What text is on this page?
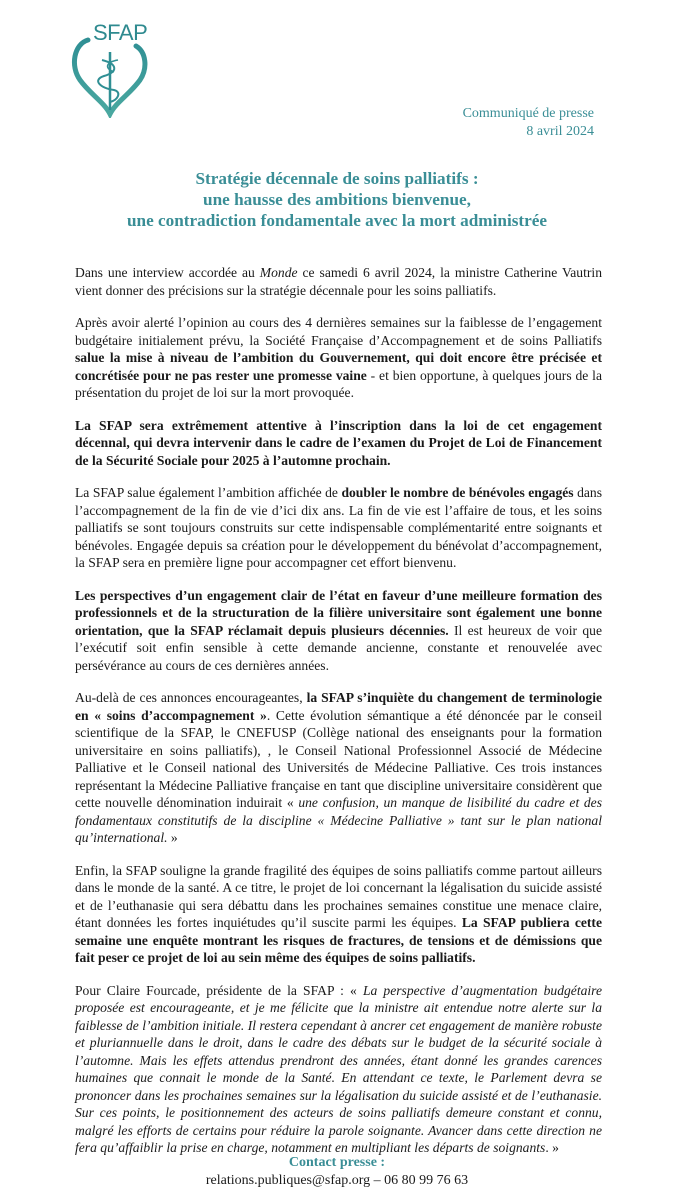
SFAP
Communiqué de presse
8 avril 2024
Stratégie décennale de soins palliatifs :
une hausse des ambitions bienvenue,
une contradiction fondamentale avec la mort administrée

Dans une interview accordée au Monde ce samedi 6 avril 2024, la ministre Catherine Vautrin vient donner des précisions sur la stratégie décennale pour les soins palliatifs.

Après avoir alerté l’opinion au cours des 4 dernières semaines sur la faiblesse de l’engagement budgétaire initialement prévu, la Société Française d’Accompagnement et de soins Palliatifs salue la mise à niveau de l’ambition du Gouvernement, qui doit encore être précisée et concrétisée pour ne pas rester une promesse vaine - et bien opportune, à quelques jours de la présentation du projet de loi sur la mort provoquée.

La SFAP sera extrêmement attentive à l’inscription dans la loi de cet engagement décennal, qui devra intervenir dans le cadre de l’examen du Projet de Loi de Financement de la Sécurité Sociale pour 2025 à l’automne prochain.

La SFAP salue également l’ambition affichée de doubler le nombre de bénévoles engagés dans l’accompagnement de la fin de vie d’ici dix ans. La fin de vie est l’affaire de tous, et les soins palliatifs se sont toujours construits sur cette indispensable complémentarité entre soignants et bénévoles. Engagée depuis sa création pour le développement du bénévolat d’accompagnement, la SFAP sera en première ligne pour accompagner cet effort bienvenu.

Les perspectives d’un engagement clair de l’état en faveur d’une meilleure formation des professionnels et de la structuration de la filière universitaire sont également une bonne orientation, que la SFAP réclamait depuis plusieurs décennies. Il est heureux de voir que l’exécutif soit enfin sensible à cette demande ancienne, constante et renouvelée avec persévérance au cours de ces dernières années.

Au-delà de ces annonces encourageantes, la SFAP s’inquiète du changement de terminologie en « soins d’accompagnement ». Cette évolution sémantique a été dénoncée par le conseil scientifique de la SFAP, le CNEFUSP (Collège national des enseignants pour la formation universitaire en soins palliatifs), , le Conseil National Professionnel Associé de Médecine Palliative et le Conseil national des Universités de Médecine Palliative. Ces trois instances représentant la Médecine Palliative française en tant que discipline universitaire considèrent que cette nouvelle dénomination induirait « une confusion, un manque de lisibilité du cadre et des fondamentaux constitutifs de la discipline « Médecine Palliative » tant sur le plan national qu’international. »

Enfin, la SFAP souligne la grande fragilité des équipes de soins palliatifs comme partout ailleurs dans le monde de la santé. A ce titre, le projet de loi concernant la légalisation du suicide assisté et de l’euthanasie qui sera débattu dans les prochaines semaines constitue une menace claire, étant données les fortes inquiétudes qu’il suscite parmi les équipes. La SFAP publiera cette semaine une enquête montrant les risques de fractures, de tensions et de démissions que fait peser ce projet de loi au sein même des équipes de soins palliatifs.

Pour Claire Fourcade, présidente de la SFAP : « La perspective d’augmentation budgétaire proposée est encourageante, et je me félicite que la ministre ait entendue notre alerte sur la faiblesse de l’ambition initiale. Il restera cependant à ancrer cet engagement de manière robuste et pluriannuelle dans le droit, dans le cadre des débats sur le budget de la sécurité sociale à l’automne. Mais les effets attendus prendront des années, étant donné les grandes carences humaines que connait le monde de la Santé. En attendant ce texte, le Parlement devra se prononcer dans les prochaines semaines sur la légalisation du suicide assisté et de l’euthanasie. Sur ces points, le positionnement des acteurs de soins palliatifs demeure constant et connu, malgré les efforts de certains pour réduire la parole soignante. Avancer dans cette direction ne fera qu’affaiblir la prise en charge, notamment en multipliant les départs de soignants. »

Contact presse :
relations.publiques@sfap.org – 06 80 99 76 63
